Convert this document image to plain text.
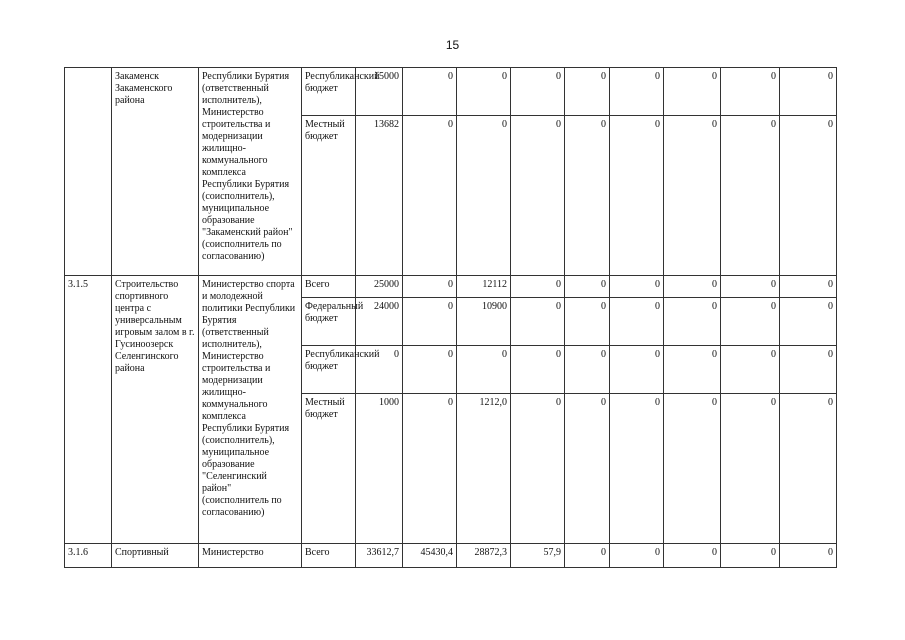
15
	Закаменск Закаменского района	Республики Бурятия (ответственный исполнитель), Министерство строительства и модернизации жилищно-коммунального комплекса Республики Бурятия (соисполнитель), муниципальное образование "Закаменский район" (соисполнитель по согласованию)	Республиканский бюджет	15000	0	0	0	0	0	0	0	0
			Местный бюджет	13682	0	0	0	0	0	0	0	0
3.1.5	Строительство спортивного центра с универсальным игровым залом в г. Гусиноозерск Селенгинского района	Министерство спорта и молодежной политики Республики Бурятия (ответственный исполнитель), Министерство строительства и модернизации жилищно-коммунального комплекса Республики Бурятия (соисполнитель), муниципальное образование "Селенгинский район" (соисполнитель по согласованию)	Всего	25000	0	12112	0	0	0	0	0	0
			Федеральный бюджет	24000	0	10900	0	0	0	0	0	0
			Республиканский бюджет	0	0	0	0	0	0	0	0	0
			Местный бюджет	1000	0	1212,0	0	0	0	0	0	0
3.1.6	Спортивный	Министерство	Всего	33612,7	45430,4	28872,3	57,9	0	0	0	0	0
